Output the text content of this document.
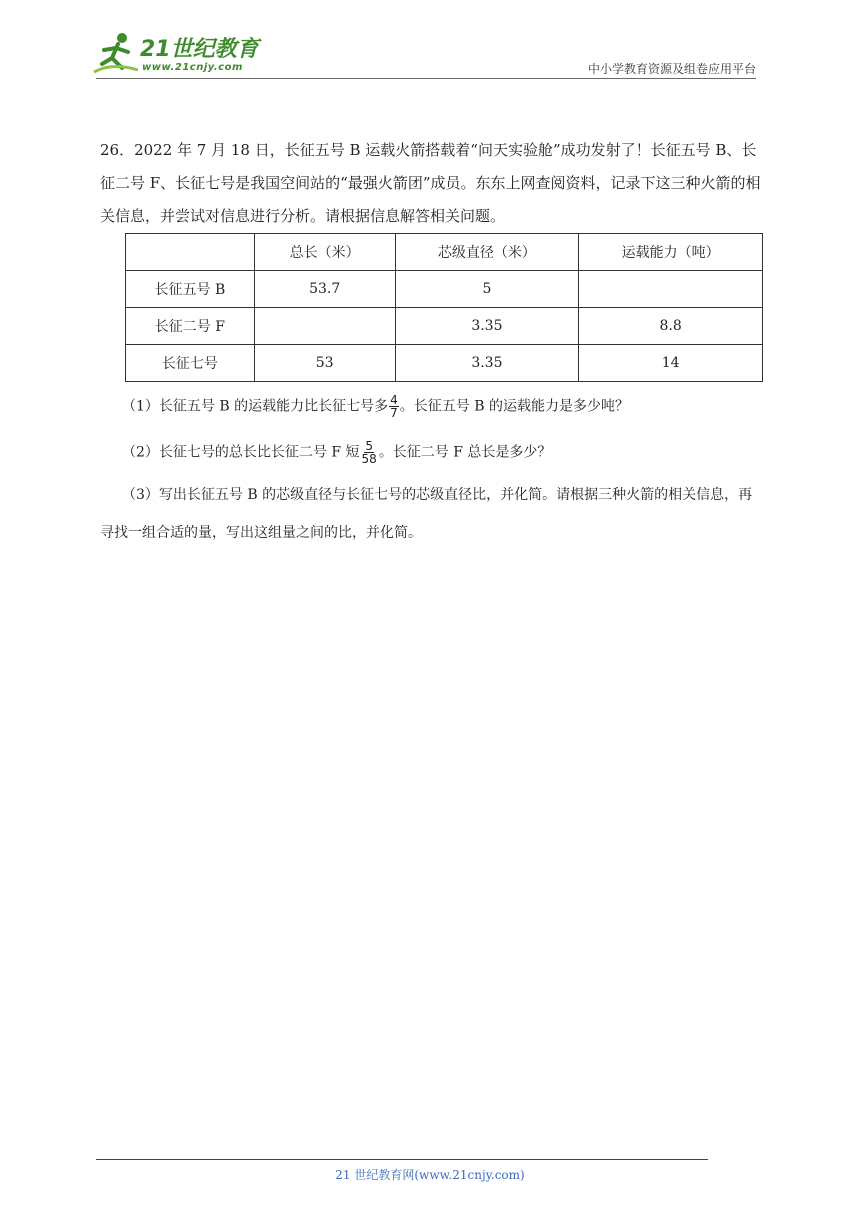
21世纪教育
www.21cnjy.com	中小学教育资源及组卷应用平台

26．2022 年 7 月 18 日，长征五号 B 运载火箭搭载着“问天实验舱”成功发射了！长征五号 B、长征二号 F、长征七号是我国空间站的“最强火箭团”成员。东东上网查阅资料，记录下这三种火箭的相关信息，并尝试对信息进行分析。请根据信息解答相关问题。

	总长（米）	芯级直径（米）	运载能力（吨）
长征五号 B	53.7	5	
长征二号 F		3.35	8.8
长征七号	53	3.35	14
（1）长征五号 B 的运载能力比长征七号多 $\frac{4}{7}$ 。长征五号 B 的运载能力是多少吨？
（2）长征七号的总长比长征二号 F 短 $\frac{5}{58}$ 。长征二号 F 总长是多少？
（3）写出长征五号 B 的芯级直径与长征七号的芯级直径比，并化简。请根据三种火箭的相关信息，再寻找一组合适的量，写出这组量之间的比，并化简。
21 世纪教育网(www.21cnjy.com)
